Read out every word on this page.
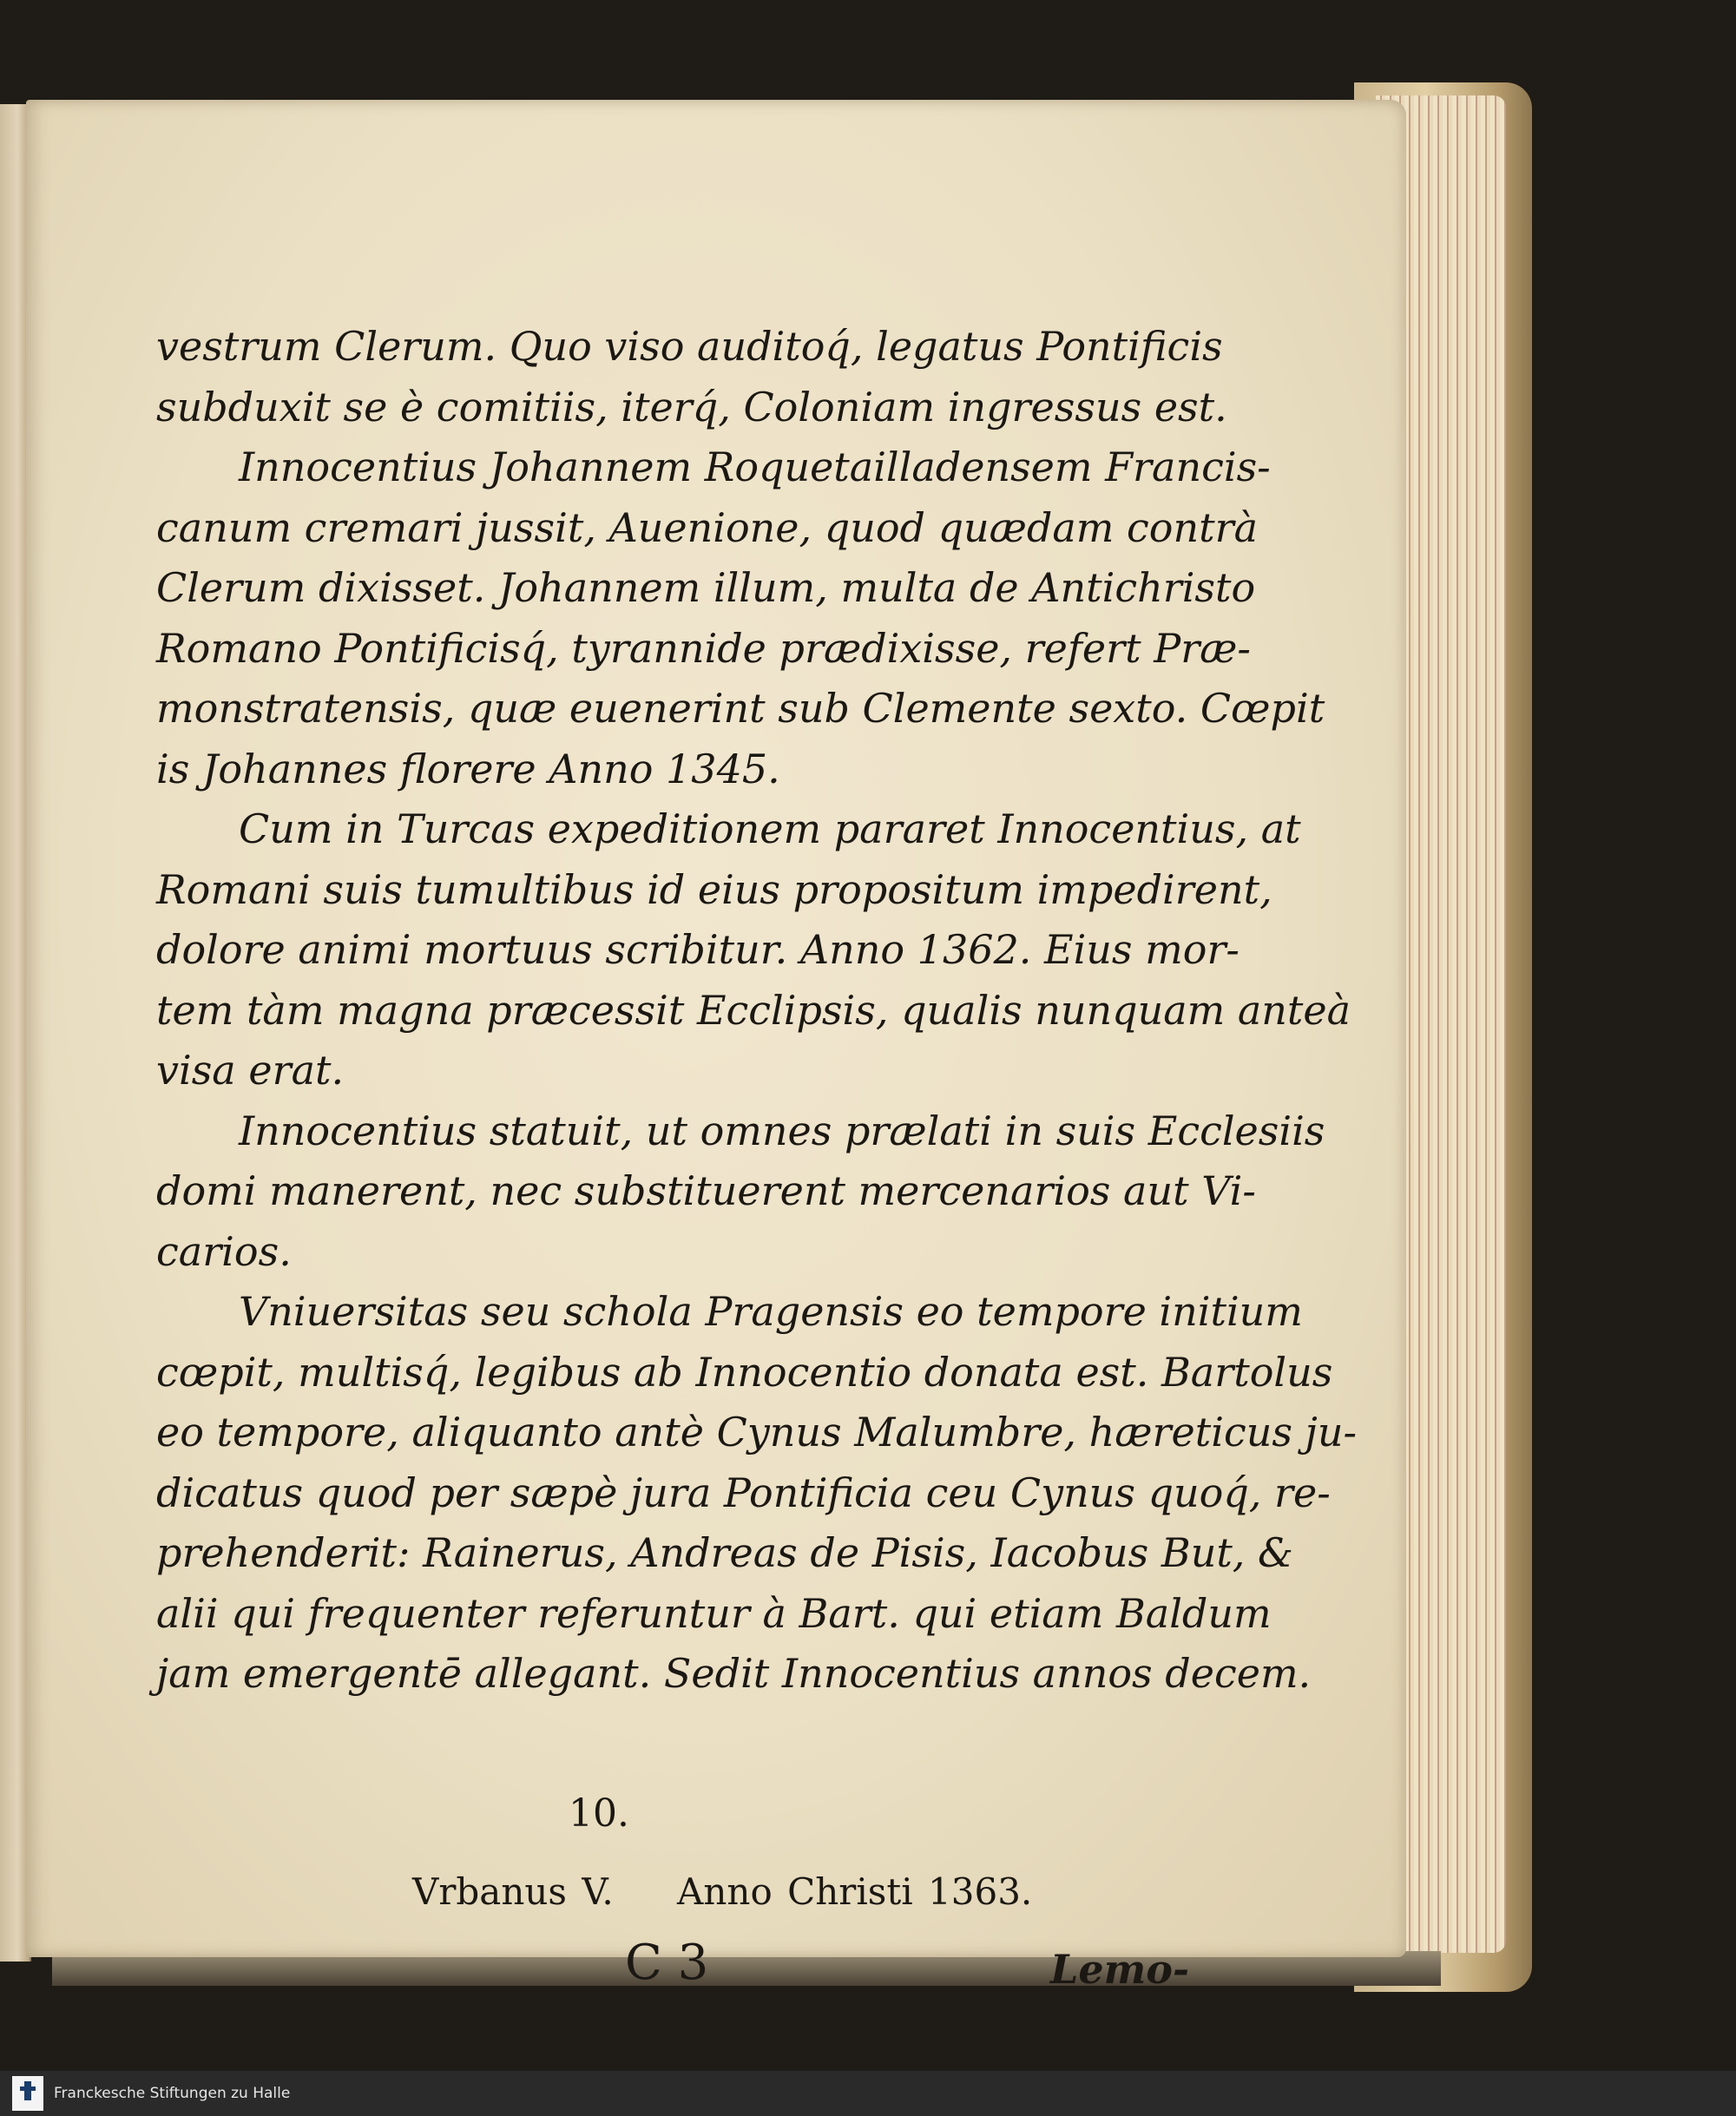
vestrum Clerum. Quo viso auditoq́, legatus Pontificis
subduxit se è comitiis, iterq́, Coloniam ingressus est.
Innocentius Johannem Roquetailladensem Francis-
canum cremari jussit, Auenione, quod quædam contrà
Clerum dixisset. Johannem illum, multa de Antichristo
Romano Pontificisq́, tyrannide prædixisse, refert Præ-
monstratensis, quæ euenerint sub Clemente sexto. Cœpit
is Johannes florere Anno 1345.
Cum in Turcas expeditionem pararet Innocentius, at
Romani suis tumultibus id eius propositum impedirent,
dolore animi mortuus scribitur. Anno 1362. Eius mor-
tem tàm magna præcessit Ecclipsis, qualis nunquam anteà
visa erat.
Innocentius statuit, ut omnes prælati in suis Ecclesiis
domi manerent, nec substituerent mercenarios aut Vi-
carios.
Vniuersitas seu schola Pragensis eo tempore initium
cœpit, multisq́, legibus ab Innocentio donata est. Bartolus
eo tempore, aliquanto antè Cynus Malumbre, hæreticus ju-
dicatus quod per sæpè jura Pontificia ceu Cynus quoq́, re-
prehenderit: Rainerus, Andreas de Pisis, Iacobus But, &
alii qui frequenter referuntur à Bart. qui etiam Baldum
jam emergentē allegant. Sedit Innocentius annos decem.
10.
Vrbanus V. Anno Christi 1363.
C 3	Lemo-
Franckesche Stiftungen zu Halle
